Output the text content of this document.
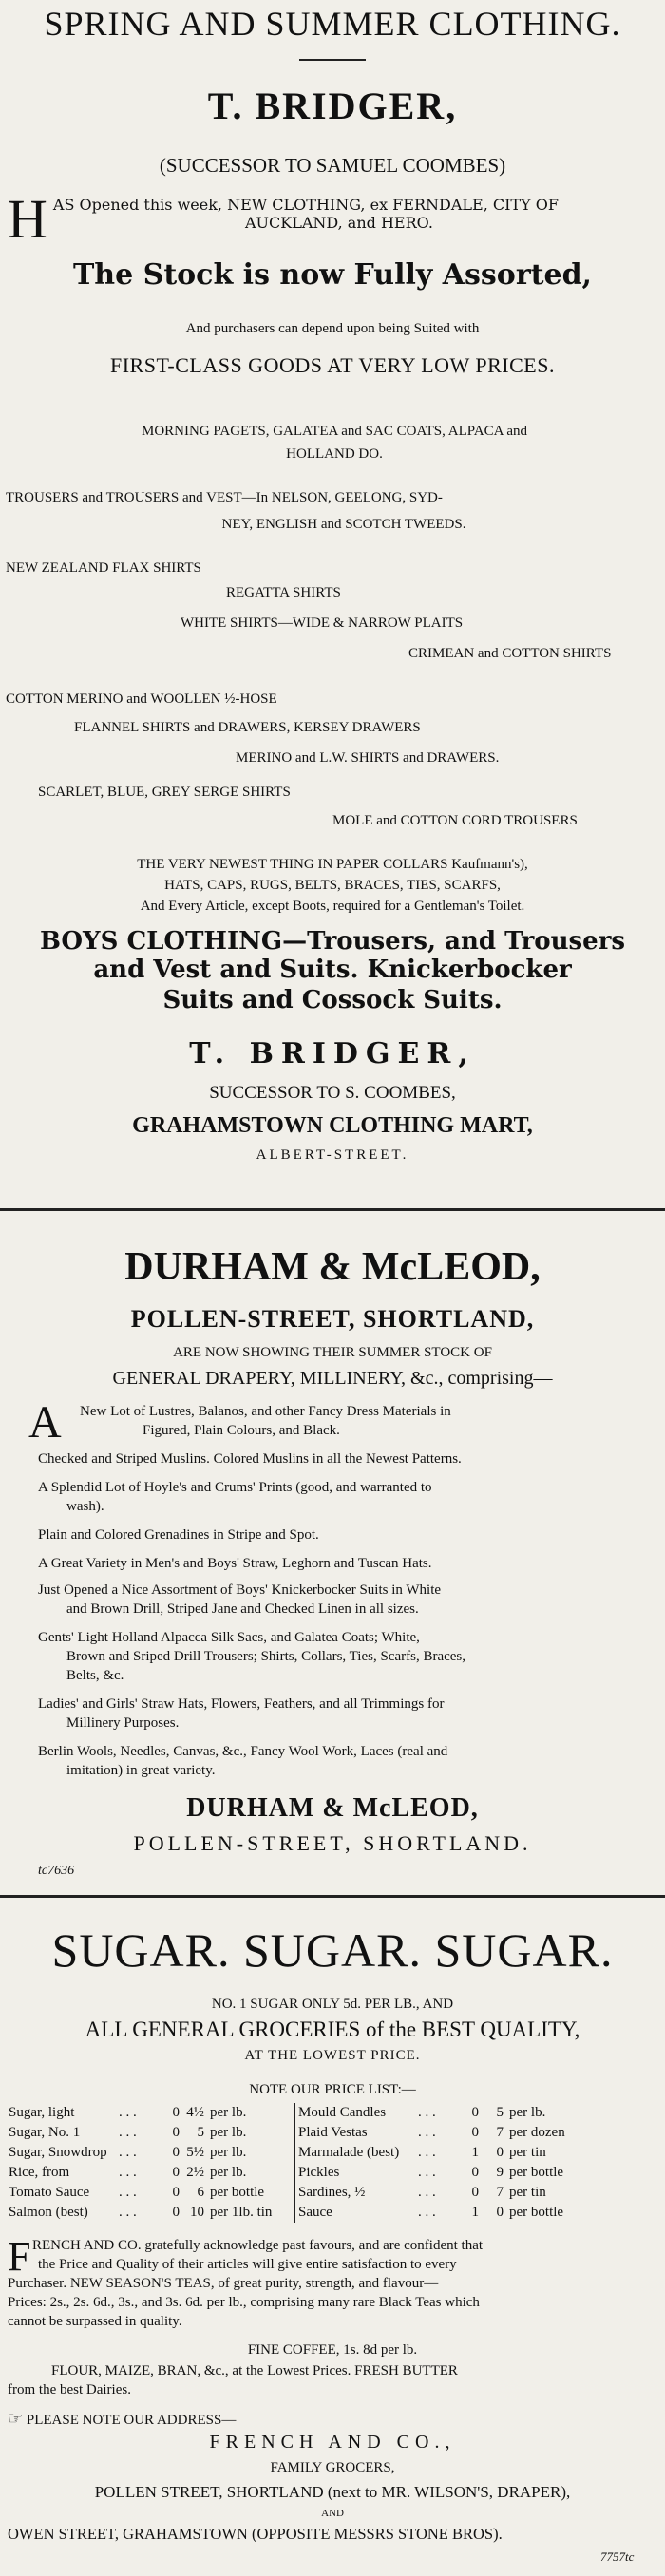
SPRING AND SUMMER CLOTHING.
T. BRIDGER,
(SUCCESSOR TO SAMUEL COOMBES)
H AS Opened this week, NEW CLOTHING, ex FERNDALE, CITY OF
AUCKLAND, and HERO.
The Stock is now Fully Assorted,
And purchasers can depend upon being Suited with
FIRST-CLASS GOODS AT VERY LOW PRICES.
MORNING PAGETS, GALATEA and SAC COATS, ALPACA and
HOLLAND DO.
TROUSERS and TROUSERS and VEST—In NELSON, GEELONG, SYD-
NEY, ENGLISH and SCOTCH TWEEDS.
NEW ZEALAND FLAX SHIRTS
REGATTA SHIRTS
WHITE SHIRTS—WIDE & NARROW PLAITS
CRIMEAN and COTTON SHIRTS
COTTON MERINO and WOOLLEN ½-HOSE
FLANNEL SHIRTS and DRAWERS, KERSEY DRAWERS
MERINO and L.W. SHIRTS and DRAWERS.
SCARLET, BLUE, GREY SERGE SHIRTS
MOLE and COTTON CORD TROUSERS
THE VERY NEWEST THING IN PAPER COLLARS Kaufmann's),
HATS, CAPS, RUGS, BELTS, BRACES, TIES, SCARFS,
And Every Article, except Boots, required for a Gentleman's Toilet.
BOYS CLOTHING—Trousers, and Trousers
and Vest and Suits. Knickerbocker
Suits and Cossock Suits.
T. BRIDGER,
SUCCESSOR TO S. COOMBES,
GRAHAMSTOWN CLOTHING MART,
ALBERT-STREET.
DURHAM & McLEOD,
POLLEN-STREET, SHORTLAND,
ARE NOW SHOWING THEIR SUMMER STOCK OF
GENERAL DRAPERY, MILLINERY, &c., comprising—
A New Lot of Lustres, Balanos, and other Fancy Dress Materials in
Figured, Plain Colours, and Black.
Checked and Striped Muslins. Colored Muslins in all the Newest Patterns.
A Splendid Lot of Hoyle's and Crums' Prints (good, and warranted to
wash).
Plain and Colored Grenadines in Stripe and Spot.
A Great Variety in Men's and Boys' Straw, Leghorn and Tuscan Hats.
Just Opened a Nice Assortment of Boys' Knickerbocker Suits in White
and Brown Drill, Striped Jane and Checked Linen in all sizes.
Gents' Light Holland Alpacca Silk Sacs, and Galatea Coats; White,
Brown and Sriped Drill Trousers; Shirts, Collars, Ties, Scarfs, Braces,
Belts, &c.
Ladies' and Girls' Straw Hats, Flowers, Feathers, and all Trimmings for
Millinery Purposes.
Berlin Wools, Needles, Canvas, &c., Fancy Wool Work, Laces (real and
imitation) in great variety.
DURHAM & McLEOD,
POLLEN-STREET, SHORTLAND.
tc7636
SUGAR. SUGAR. SUGAR.
NO. 1 SUGAR ONLY 5d. PER LB., AND
ALL GENERAL GROCERIES of the BEST QUALITY,
AT THE LOWEST PRICE.
NOTE OUR PRICE LIST:—
Sugar, light	. . .	0	4½	per lb.	Mould Candles	. . .	0	5	per lb.
Sugar, No. 1	. . .	0	5	per lb.	Plaid Vestas	. . .	0	7	per dozen
Sugar, Snowdrop	. . .	0	5½	per lb.	Marmalade (best)	. . .	1	0	per tin
Rice, from	. . .	0	2½	per lb.	Pickles	. . .	0	9	per bottle
Tomato Sauce	. . .	0	6	per bottle	Sardines, ½	. . .	0	7	per tin
Salmon (best)	. . .	0	10	per 1lb. tin	Sauce	. . .	1	0	per bottle
F RENCH AND CO. gratefully acknowledge past favours, and are confident that
the Price and Quality of their articles will give entire satisfaction to every
Purchaser. NEW SEASON'S TEAS, of great purity, strength, and flavour—
Prices: 2s., 2s. 6d., 3s., and 3s. 6d. per lb., comprising many rare Black Teas which
cannot be surpassed in quality.
FINE COFFEE, 1s. 8d per lb.
FLOUR, MAIZE, BRAN, &c., at the Lowest Prices. FRESH BUTTER
from the best Dairies.
☞ PLEASE NOTE OUR ADDRESS—
FRENCH AND CO.,
FAMILY GROCERS,
POLLEN STREET, SHORTLAND (next to MR. WILSON'S, DRAPER),
AND
OWEN STREET, GRAHAMSTOWN (OPPOSITE MESSRS STONE BROS).
7757tc
